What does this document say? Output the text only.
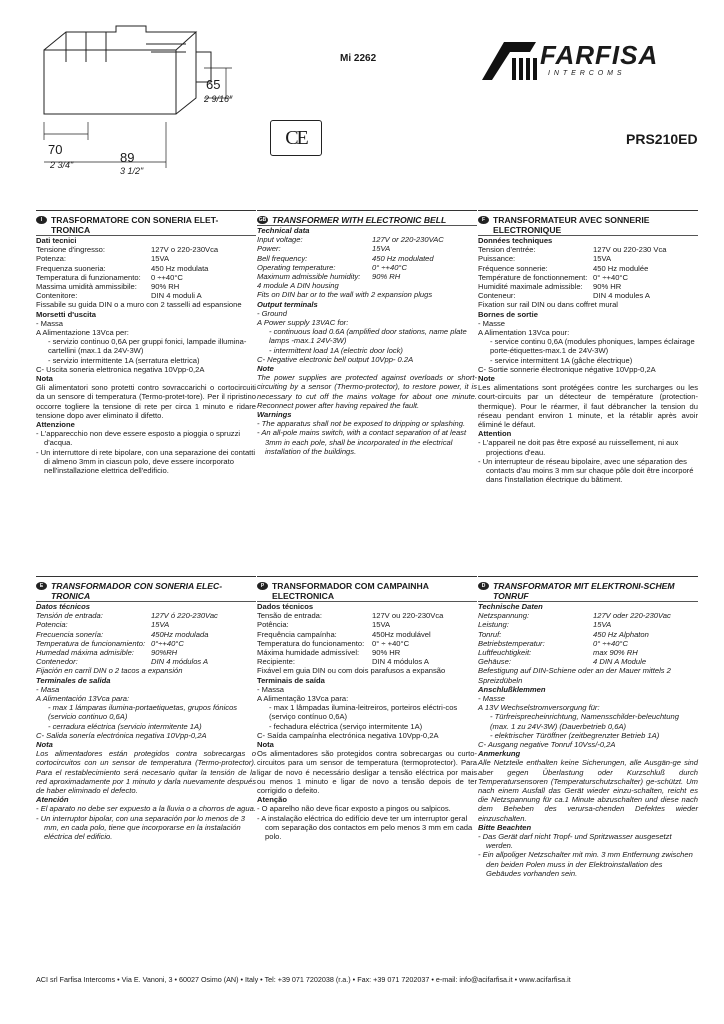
65
2 9/16"
70
2 3/4"	89
3 1/2"
Mi 2262
CE
FARFISA
I N T E R C O M S
PRS210ED
I	TRASFORMATORE CON SONERIA ELET-TRONICA
Dati tecnici
Tensione d'ingresso:	127V o 220-230Vca
Potenza:	15VA
Frequenza suoneria:	450 Hz modulata
Temperatura di funzionamento:	0 ÷+40°C
Massima umidità ammissibile:	90% RH
Contenitore:	DIN 4 moduli A
Fissabile su guida DIN o a muro con 2 tasselli ad espansione
Morsetti d'uscita
- Massa
A Alimentazione 13Vca per:
- servizio continuo 0,6A per gruppi fonici, lampade illumina-cartellini (max.1 da 24V-3W)
- servizio intermittente 1A (serratura elettrica)
C- Uscita soneria elettronica negativa 10Vpp-0,2A
Nota
Gli alimentatori sono protetti contro sovraccarichi o cortocircuiti da un sensore di temperatura (Termo-protet-tore). Per il ripristino occorre togliere la tensione di rete per circa 1 minuto e ridare tensione dopo aver eliminato il difetto.
Attenzione
- L'apparecchio non deve essere esposto a pioggia o spruzzi d'acqua.
- Un interruttore di rete bipolare, con una separazione dei contatti di almeno 3mm in ciascun polo, deve essere incorporato nell'installazione elettrica dell'edificio.
GB TRANSFORMER WITH ELECTRONIC BELL
Technical data
Input voltage:	127V or 220-230VAC
Power:	15VA
Bell frequency:	450 Hz modulated
Operating temperature:	0° ÷+40°C
Maximum admissible humidity:	90% RH
4 module A DIN housing
Fits on DIN bar or to the wall with 2 expansion plugs
Output terminals
- Ground
A Power supply 13VAC for:
- continuous load 0.6A (amplified door stations, name plate lamps -max.1 24V-3W)
- intermittent load 1A (electric door lock)
C- Negative electronic bell output 10Vpp- 0.2A
Note
The power supplies are protected against overloads or short-circuiting by a sensor (Thermo-protector), to restore power, it is necessary to cut off the mains voltage for about one minute. Reconnect power after having repaired the fault.
Warnings
- The apparatus shall not be exposed to dripping or splashing.
- An all-pole mains switch, with a contact separation of at least 3mm in each pole, shall be incorporated in the electrical installation of the buildings.
F TRANSFORMATEUR AVEC SONNERIE ELECTRONIQUE
Données techniques
Tension d'entrée:	127V ou 220-230 Vca
Puissance:	15VA
Fréquence sonnerie:	450 Hz modulée
Température de fonctionnement: 0° ÷+40°C
Humidité maximale admissible:	90% HR
Conteneur:	DIN 4 modules A
Fixation sur rail DIN ou dans coffret mural
Bornes de sortie
- Masse
A Alimentation 13Vca pour:
- service continu 0,6A (modules phoniques, lampes éclairage porte-étiquettes-max.1 de 24V-3W)
- service intermittent 1A (gâche électrique)
C- Sortie sonnerie électronique négative 10Vpp-0,2A
Note
Les alimentations sont protégées contre les surcharges ou les court-circuits par un détecteur de température (protection-thermique). Pour le réarmer, il faut débrancher la tension du réseau pendant environ 1 minute, et la rétablir après avoir éliminé le défaut.
Attention
- L'appareil ne doit pas être exposé au ruissellement, ni aux projections d'eau.
- Un interrupteur de réseau bipolaire, avec une séparation des contacts d'au moins 3 mm sur chaque pôle doit être incorporé dans l'installation électrique du bâtiment.
E TRANSFORMADOR CON SONERIA ELEC-TRONICA
Datos técnicos
Tensión de entrada:	127V ó 220-230Vac
Potencia:	15VA
Frecuencia sonería:	450Hz modulada
Temperatura de funcionamiento: 0°÷+40°C
Humedad máxima admisible:	90%RH
Contenedor:	DIN 4 módulos A
Fijación en carril DIN o 2 tacos a expansión
Terminales de salida
- Masa
A Alimentación 13Vca para:
- max 1 lámparas ilumina-portaetiquetas, grupos fónicos (servicio continuo 0,6A)
- cerradura eléctrica (servicio intermitente 1A)
C- Salida sonería electrónica negativa 10Vpp-0,2A
Nota
Los alimentadores están protegidos contra sobrecargas o cortocircuitos con un sensor de temperatura (Termo-protector). Para el restablecimiento será necesario quitar la tensión de la red aproximadamente por 1 minuto y darla nuevamente después de haber eliminado el defecto.
Atención
- El aparato no debe ser expuesto a la lluvia o a chorros de agua.
- Un interruptor bipolar, con una separación por lo menos de 3 mm, en cada polo, tiene que incorporarse en la instalación eléctrica del edificio.
P TRANSFORMADOR COM CAMPAINHA ELECTRONICA
Dados técnicos
Tensão de entrada:	127V ou 220-230Vca
Potência:	15VA
Frequência campaínha:	450Hz modulável
Temperatura do funcionamento:	0° ÷ +40°C
Máxima humidade admissível:	90% HR
Recipiente:	DIN 4 módulos A
Fixável em guia DIN ou com dois parafusos a expansão
Terminais de saída
- Massa
A Alimentação 13Vca para:
- max 1 lâmpadas ilumina-leitreiros, porteiros eléctri-cos (serviço contínuo 0,6A)
- fechadura eléctrica (serviço intermitente 1A)
C- Saída campaínha electrónica negativa 10Vpp-0,2A
Nota
Os alimentadores são protegidos contra sobrecargas ou curto-circuitos para um sensor de temperatura (termoprotector). Para ligar de novo é necessário desligar a tensão eléctrica por mais ou menos 1 minuto e ligar de novo a tensão depois de ter corrigido o defeito.
Atenção
- O aparelho não deve ficar exposto a pingos ou salpicos.
- A instalação eléctrica do edifício deve ter um interruptor geral com separação dos contactos em pelo menos 3 mm em cada polo.
D TRANSFORMATOR MIT ELEKTRONI-SCHEM TONRUF
Technische Daten
Netzspannung:	127V oder 220-230Vac
Leistung:	15VA
Tonruf:	450 Hz Alphaton
Betriebstemperatur:	0° ÷+40°C
Luftfeuchtigkeit:	max 90% RH
Gehäuse:	4 DIN A Module
Befestigung auf DIN-Schiene oder an der Mauer mittels 2 Spreizdübeln
Anschlußklemmen
- Masse
A 13V Wechselstromversorgung für:
- Türfreisprecheinrichtung, Namensschilder-beleuchtung (max. 1 zu 24V-3W) (Dauerbetrieb 0,6A)
- elektrischer Türöffner (zeitbegrenzter Betrieb 1A)
C- Ausgang negative Tonruf 10Vss/-0,2A
Anmerkung
Alle Netzteile enthalten keine Sicherungen, alle Ausgän-ge sind aber gegen Überlastung oder Kurzschluß durch Temperatursensoren (Temperaturschutzschalter) ge-schützt. Um nach einem Ausfall das Gerät wieder einzu-schalten, reicht es die Netzspannung für ca.1 Minute abzuschalten und diese nach dem Beheben des verursa-chenden Defektes wieder einzuschalten.
Bitte Beachten
- Das Gerät darf nicht Tropf- und Spritzwasser ausgesetzt werden.
- Ein allpoliger Netzschalter mit min. 3 mm Entfernung zwischen den beiden Polen muss in der Elektroinstallation des Gebäudes vorhanden sein.
ACI srl Farfisa Intercoms • Via E. Vanoni, 3 • 60027 Osimo (AN) • Italy • Tel: +39 071 7202038 (r.a.) • Fax: +39 071 7202037 • e-mail: info@acifarfisa.it • www.acifarfisa.it
